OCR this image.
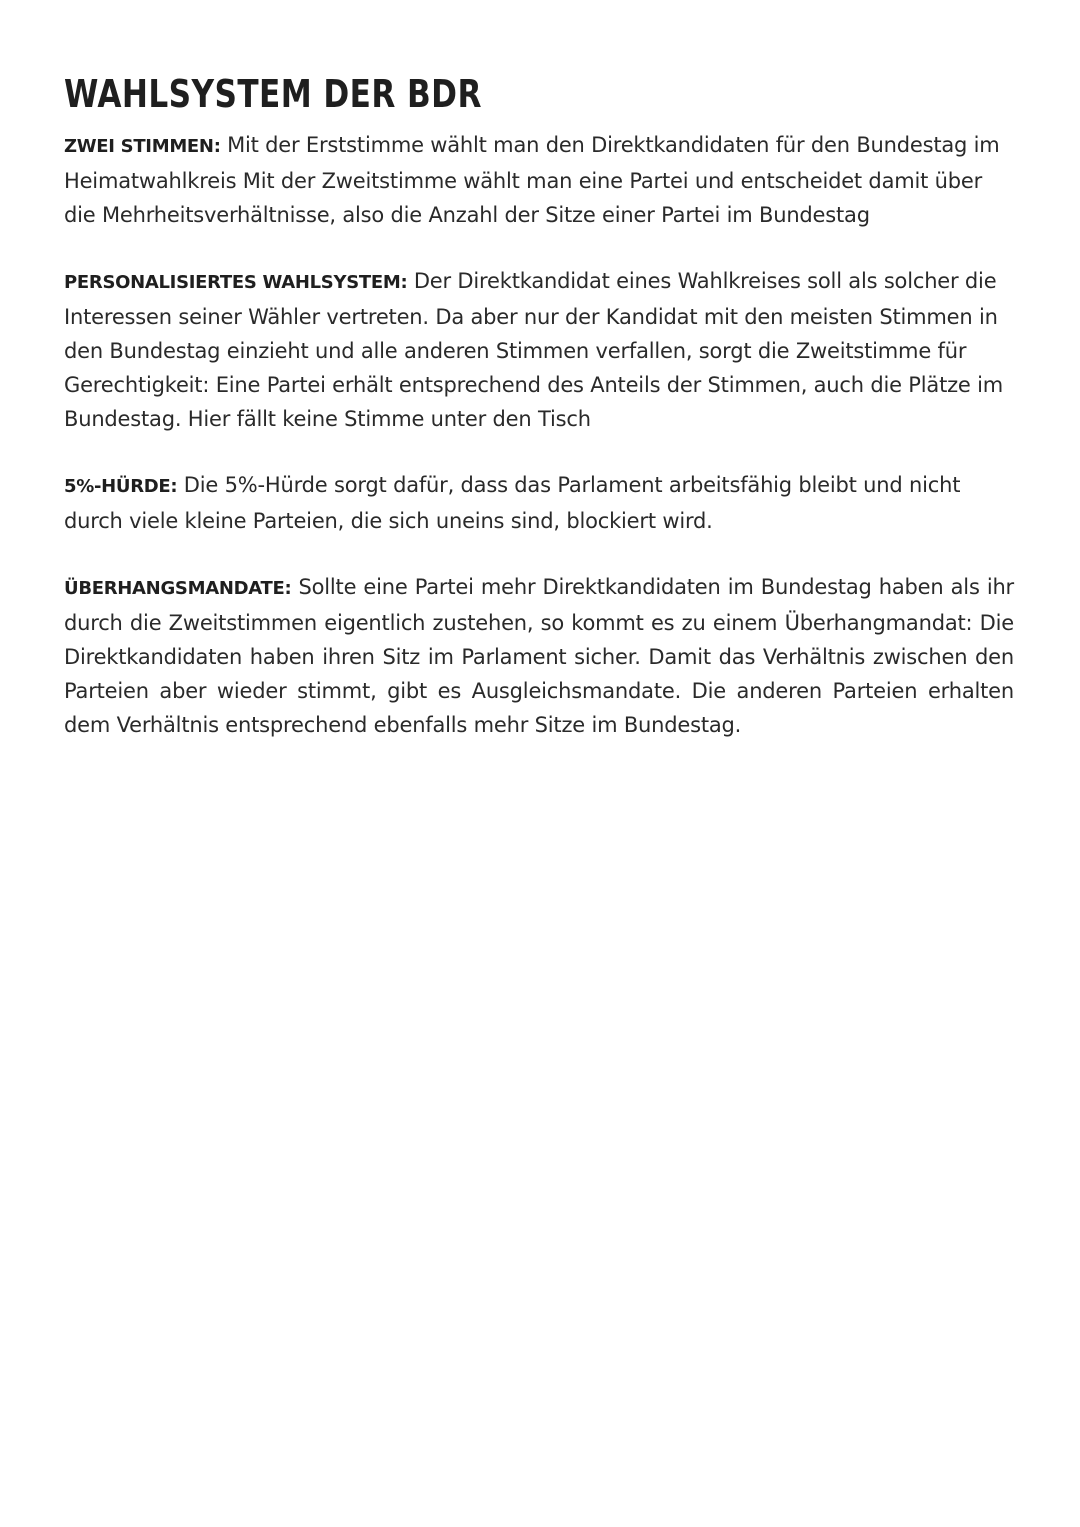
WAHLSYSTEM DER BDR

ZWEI STIMMEN: Mit der Erststimme wählt man den Direktkandidaten für den Bundestag im Heimatwahlkreis Mit der Zweitstimme wählt man eine Partei und entscheidet damit über die Mehrheitsverhältnisse, also die Anzahl der Sitze einer Partei im Bundestag

PERSONALISIERTES WAHLSYSTEM: Der Direktkandidat eines Wahlkreises soll als solcher die Interessen seiner Wähler vertreten. Da aber nur der Kandidat mit den meisten Stimmen in den Bundestag einzieht und alle anderen Stimmen verfallen, sorgt die Zweitstimme für Gerechtigkeit: Eine Partei erhält entsprechend des Anteils der Stimmen, auch die Plätze im Bundestag. Hier fällt keine Stimme unter den Tisch

5%-HÜRDE: Die 5%-Hürde sorgt dafür, dass das Parlament arbeitsfähig bleibt und nicht durch viele kleine Parteien, die sich uneins sind, blockiert wird.

ÜBERHANGSMANDATE: Sollte eine Partei mehr Direktkandidaten im Bundestag haben als ihr durch die Zweitstimmen eigentlich zustehen, so kommt es zu einem Überhangmandat: Die Direktkandidaten haben ihren Sitz im Parlament sicher. Damit das Verhältnis zwischen den Parteien aber wieder stimmt, gibt es Ausgleichsmandate. Die anderen Parteien erhalten dem Verhältnis entsprechend ebenfalls mehr Sitze im Bundestag.
